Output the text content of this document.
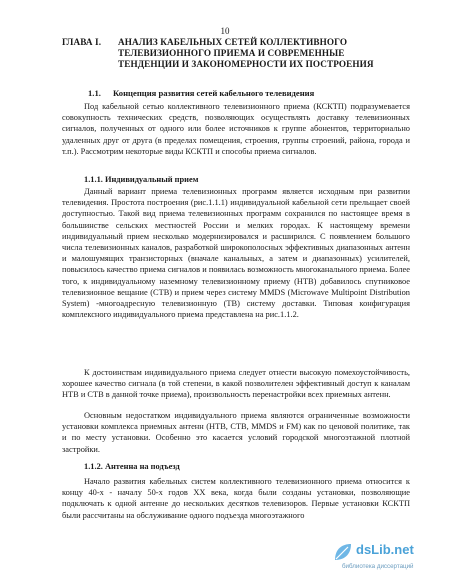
10
ГЛАВА I. АНАЛИЗ КАБЕЛЬНЫХ СЕТЕЙ КОЛЛЕКТИВНОГО ТЕЛЕВИЗИОННОГО ПРИЕМА И СОВРЕМЕННЫЕ ТЕНДЕНЦИИ И ЗАКОНОМЕРНОСТИ ИХ ПОСТРОЕНИЯ
1.1. Концепция развития сетей кабельного телевидения

Под кабельной сетью коллективного телевизионного приема (КСКТП) подразумевается совокупность технических средств, позволяющих осуществлять доставку телевизионных сигналов, полученных от одного или более источников к группе абонентов, территориально удаленных друг от друга (в пределах помещения, строения, группы строений, района, города и т.п.). Рассмотрим некоторые виды КСКТП и способы приема сигналов.

1.1.1. Индивидуальный прием

Данный вариант приема телевизионных программ является исходным при развитии телевидения. Простота построения (рис.1.1.1) индивидуальной кабельной сети прельщает своей доступностью. Такой вид приема телевизионных программ сохранился по настоящее время в большинстве сельских местностей России и мелких городах. К настоящему времени индивидуальный прием несколько модернизировался и расширился. С появлением большого числа телевизионных каналов, разработкой широкополосных эффективных диапазонных антенн и малошумящих транзисторных (вначале канальных, а затем и диапазонных) усилителей, повысилось качество приема сигналов и появилась возможность многоканального приема. Более того, к индивидуальному наземному телевизионному приему (НТВ) добавилось спутниковое телевизионное вещание (СТВ) и прием через систему MMDS (Microwave Multipoint Distribution System) -многоадресную телевизионную (ТВ) систему доставки. Типовая конфигурация комплексного индивидуального приема представлена на рис.1.1.2.

К достоинствам индивидуального приема следует отнести высокую помехоустойчивость, хорошее качество сигнала (в той степени, в какой позволителен эффективный доступ к каналам НТВ и СТВ в данной точке приема), произвольность перенастройки всех приемных антенн.

Основным недостатком индивидуального приема являются ограниченные возможности установки комплекса приемных антенн (НТВ, СТВ, MMDS и FM) как по ценовой политике, так и по месту установки. Особенно это касается условий городской многоэтажной плотной застройки.

1.1.2. Антенна на подъезд

Начало развития кабельных систем коллективного телевизионного приема относится к концу 40-х - началу 50-х годов XX века, когда были созданы установки, позволяющие подключать к одной антенне до нескольких десятков телевизоров. Первые установки КСКТП были рассчитаны на обслуживание одного подъезда многоэтажного

dsLib.net
библиотека диссертаций
